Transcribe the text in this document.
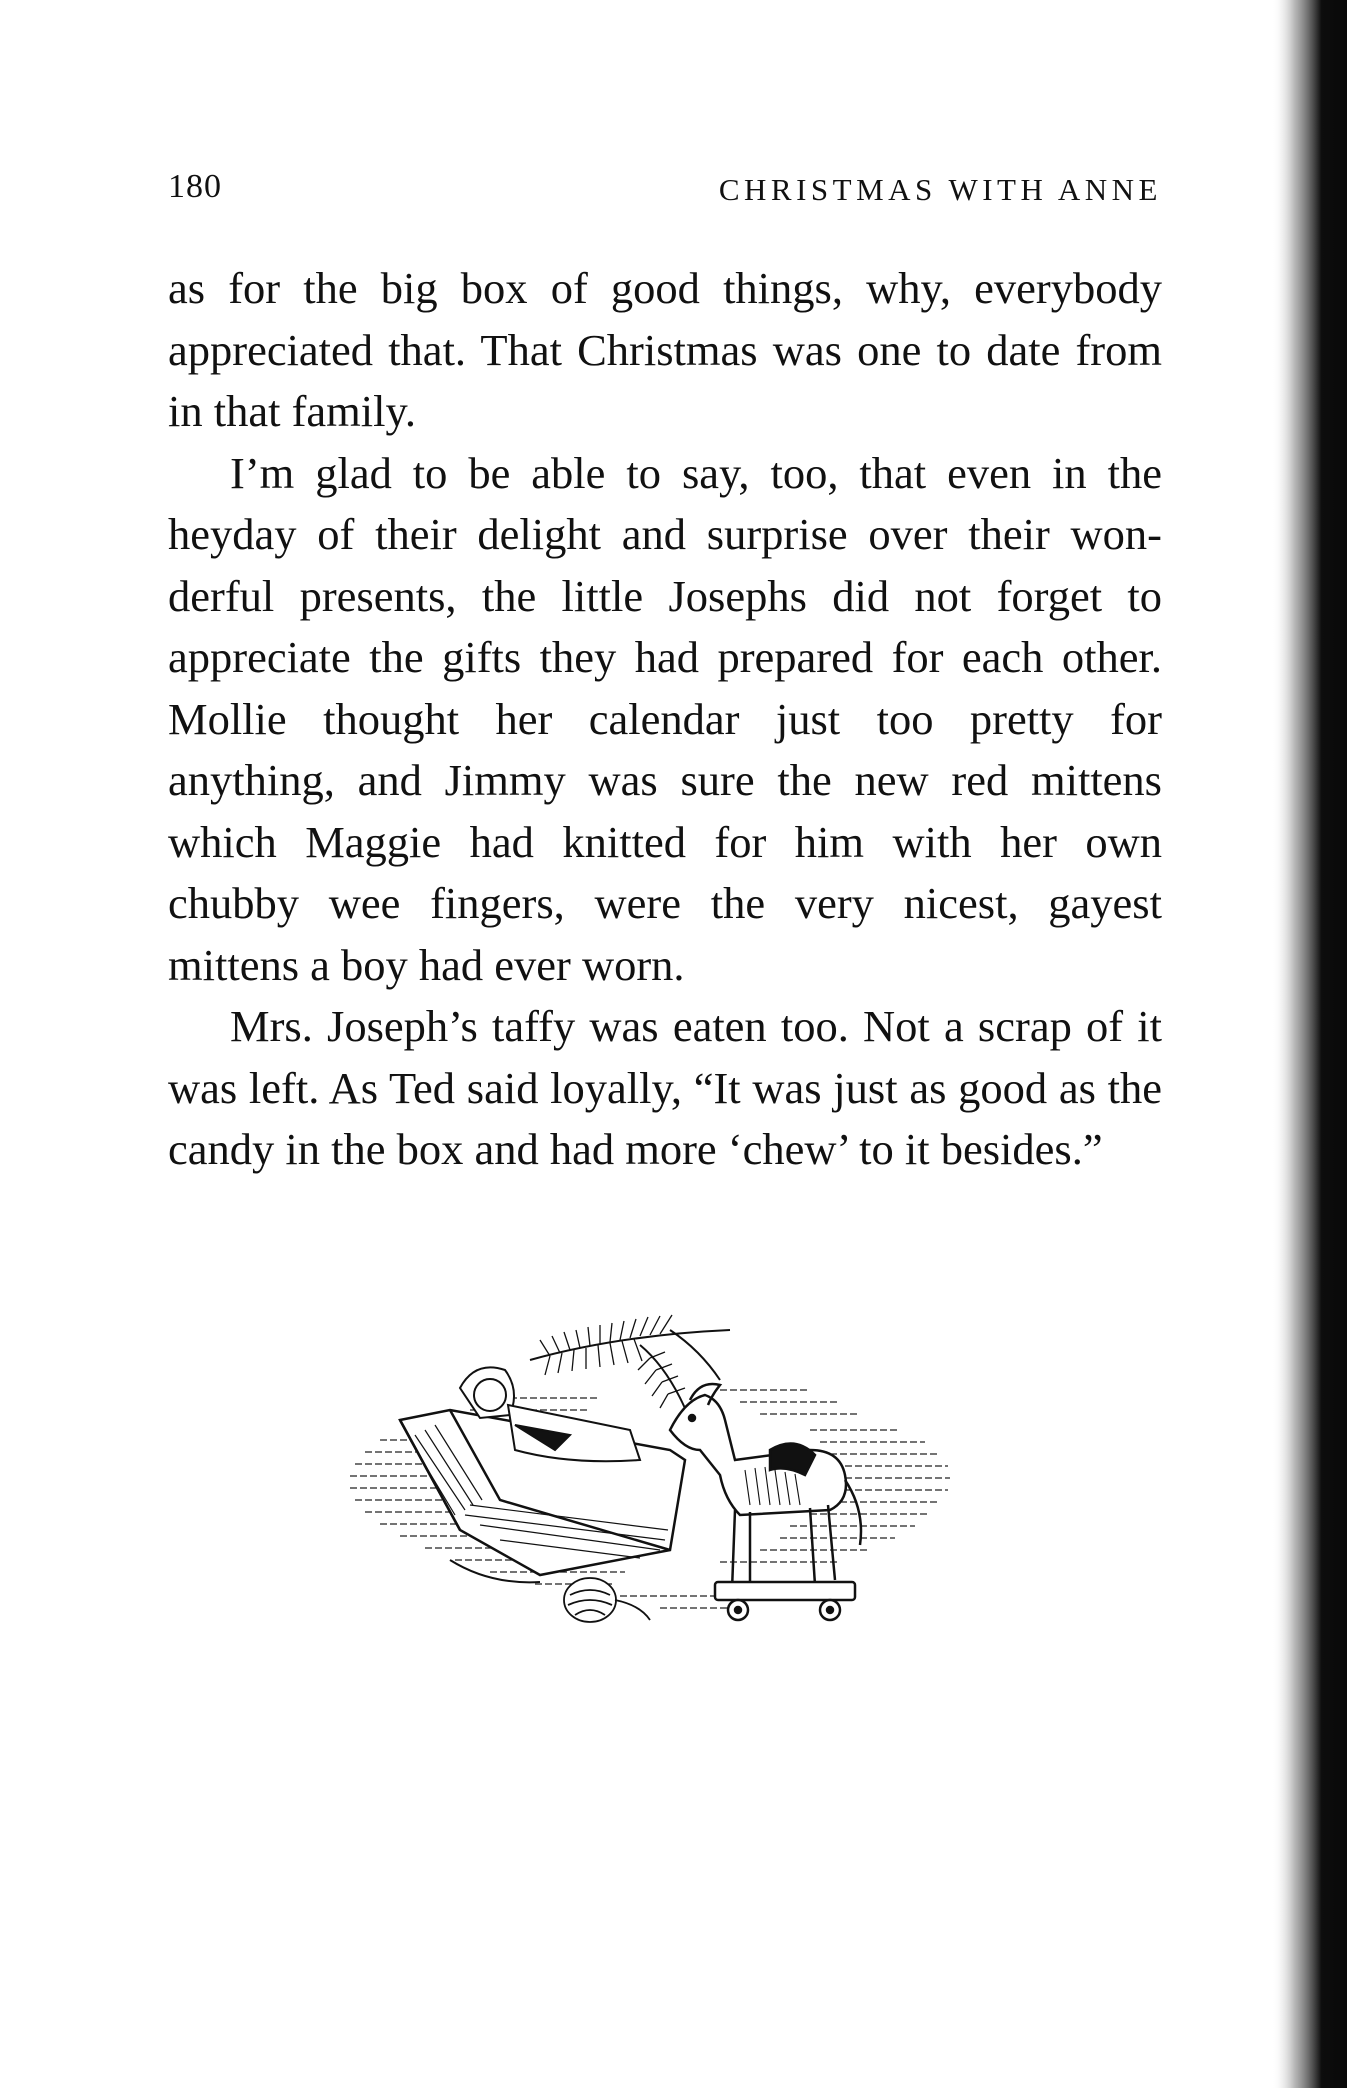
180	CHRISTMAS WITH ANNE

as for the big box of good things, why, everybody appreciated that. That Christmas was one to date from in that family.

I’m glad to be able to say, too, that even in the heyday of their delight and surprise over their wonderful presents, the little Josephs did not forget to appreciate the gifts they had prepared for each other. Mollie thought her calendar just too pretty for anything, and Jimmy was sure the new red mittens which Maggie had knitted for him with her own chubby wee fingers, were the very nicest, gayest mittens a boy had ever worn.

Mrs. Joseph’s taffy was eaten too. Not a scrap of it was left. As Ted said loyally, “It was just as good as the candy in the box and had more ‘chew’ to it besides.”
